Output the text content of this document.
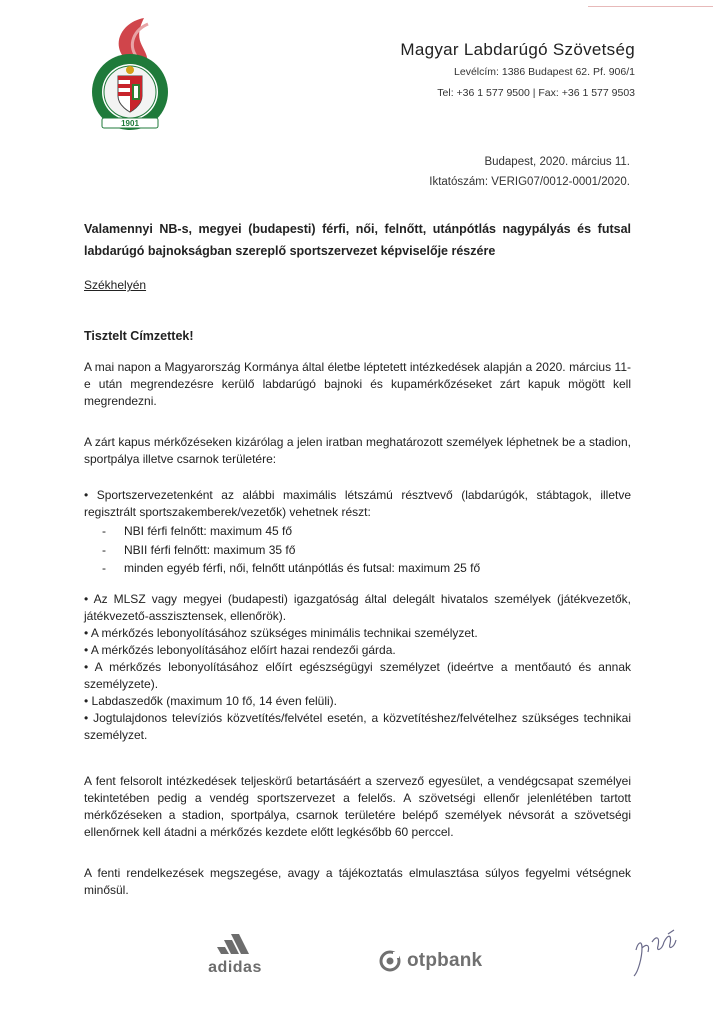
1901
Magyar Labdarúgó Szövetség
Levélcím: 1386 Budapest 62. Pf. 906/1
Tel: +36 1 577 9500 | Fax: +36 1 577 9503
Budapest, 2020. március 11.
Iktatószám: VERIG07/0012-0001/2020.
Valamennyi NB-s, megyei (budapesti) férfi, női, felnőtt, utánpótlás nagypályás és futsal labdarúgó bajnokságban szereplő sportszervezet képviselője részére
Székhelyén
Tisztelt Címzettek!
A mai napon a Magyarország Kormánya által életbe léptetett intézkedések alapján a 2020. március 11-e után megrendezésre kerülő labdarúgó bajnoki és kupamérkőzéseket zárt kapuk mögött kell megrendezni.
A zárt kapus mérkőzéseken kizárólag a jelen iratban meghatározott személyek léphetnek be a stadion, sportpálya illetve csarnok területére:
• Sportszervezetenként az alábbi maximális létszámú résztvevő (labdarúgók, stábtagok, illetve regisztrált sportszakemberek/vezetők) vehetnek részt:
-	NBI férfi felnőtt: maximum 45 fő
-	NBII férfi felnőtt: maximum 35 fő
-	minden egyéb férfi, női, felnőtt utánpótlás és futsal: maximum 25 fő
• Az MLSZ vagy megyei (budapesti) igazgatóság által delegált hivatalos személyek (játékvezetők, játékvezető-asszisztensek, ellenőrök).
• A mérkőzés lebonyolításához szükséges minimális technikai személyzet.
• A mérkőzés lebonyolításához előírt hazai rendezői gárda.
• A mérkőzés lebonyolításához előírt egészségügyi személyzet (ideértve a mentőautó és annak személyzete).
• Labdaszedők (maximum 10 fő, 14 éven felüli).
• Jogtulajdonos televíziós közvetítés/felvétel esetén, a közvetítéshez/felvételhez szükséges technikai személyzet.
A fent felsorolt intézkedések teljeskörű betartásáért a szervező egyesület, a vendégcsapat személyei tekintetében pedig a vendég sportszervezet a felelős. A szövetségi ellenőr jelenlétében tartott mérkőzéseken a stadion, sportpálya, csarnok területére belépő személyek névsorát a szövetségi ellenőrnek kell átadni a mérkőzés kezdete előtt legkésőbb 60 perccel.
A fenti rendelkezések megszegése, avagy a tájékoztatás elmulasztása súlyos fegyelmi vétségnek minősül.
adidas	otpbank
